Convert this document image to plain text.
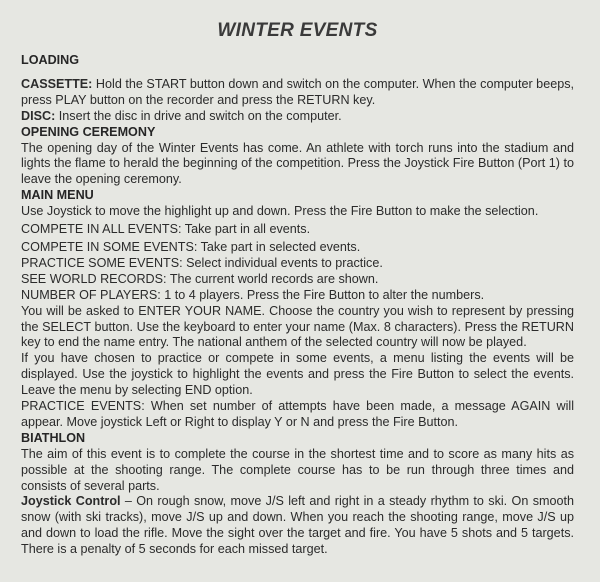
WINTER EVENTS

LOADING

CASSETTE: Hold the START button down and switch on the computer. When the computer beeps, press PLAY button on the recorder and press the RETURN key.

DISC: Insert the disc in drive and switch on the computer.

OPENING CEREMONY

The opening day of the Winter Events has come. An athlete with torch runs into the stadium and lights the flame to herald the beginning of the competition. Press the Joystick Fire Button (Port 1) to leave the opening ceremony.

MAIN MENU

Use Joystick to move the highlight up and down. Press the Fire Button to make the selection.

COMPETE IN ALL EVENTS: Take part in all events.

COMPETE IN SOME EVENTS: Take part in selected events.

PRACTICE SOME EVENTS: Select individual events to practice.

SEE WORLD RECORDS: The current world records are shown.

NUMBER OF PLAYERS: 1 to 4 players. Press the Fire Button to alter the numbers.

You will be asked to ENTER YOUR NAME. Choose the country you wish to represent by pressing the SELECT button. Use the keyboard to enter your name (Max. 8 characters). Press the RETURN key to end the name entry. The national anthem of the selected country will now be played.

If you have chosen to practice or compete in some events, a menu listing the events will be displayed. Use the joystick to highlight the events and press the Fire Button to select the events. Leave the menu by selecting END option.

PRACTICE EVENTS: When set number of attempts have been made, a message AGAIN will appear. Move joystick Left or Right to display Y or N and press the Fire Button.

BIATHLON

The aim of this event is to complete the course in the shortest time and to score as many hits as possible at the shooting range. The complete course has to be run through three times and consists of several parts.

Joystick Control – On rough snow, move J/S left and right in a steady rhythm to ski. On smooth snow (with ski tracks), move J/S up and down. When you reach the shooting range, move J/S up and down to load the rifle. Move the sight over the target and fire. You have 5 shots and 5 targets. There is a penalty of 5 seconds for each missed target.
